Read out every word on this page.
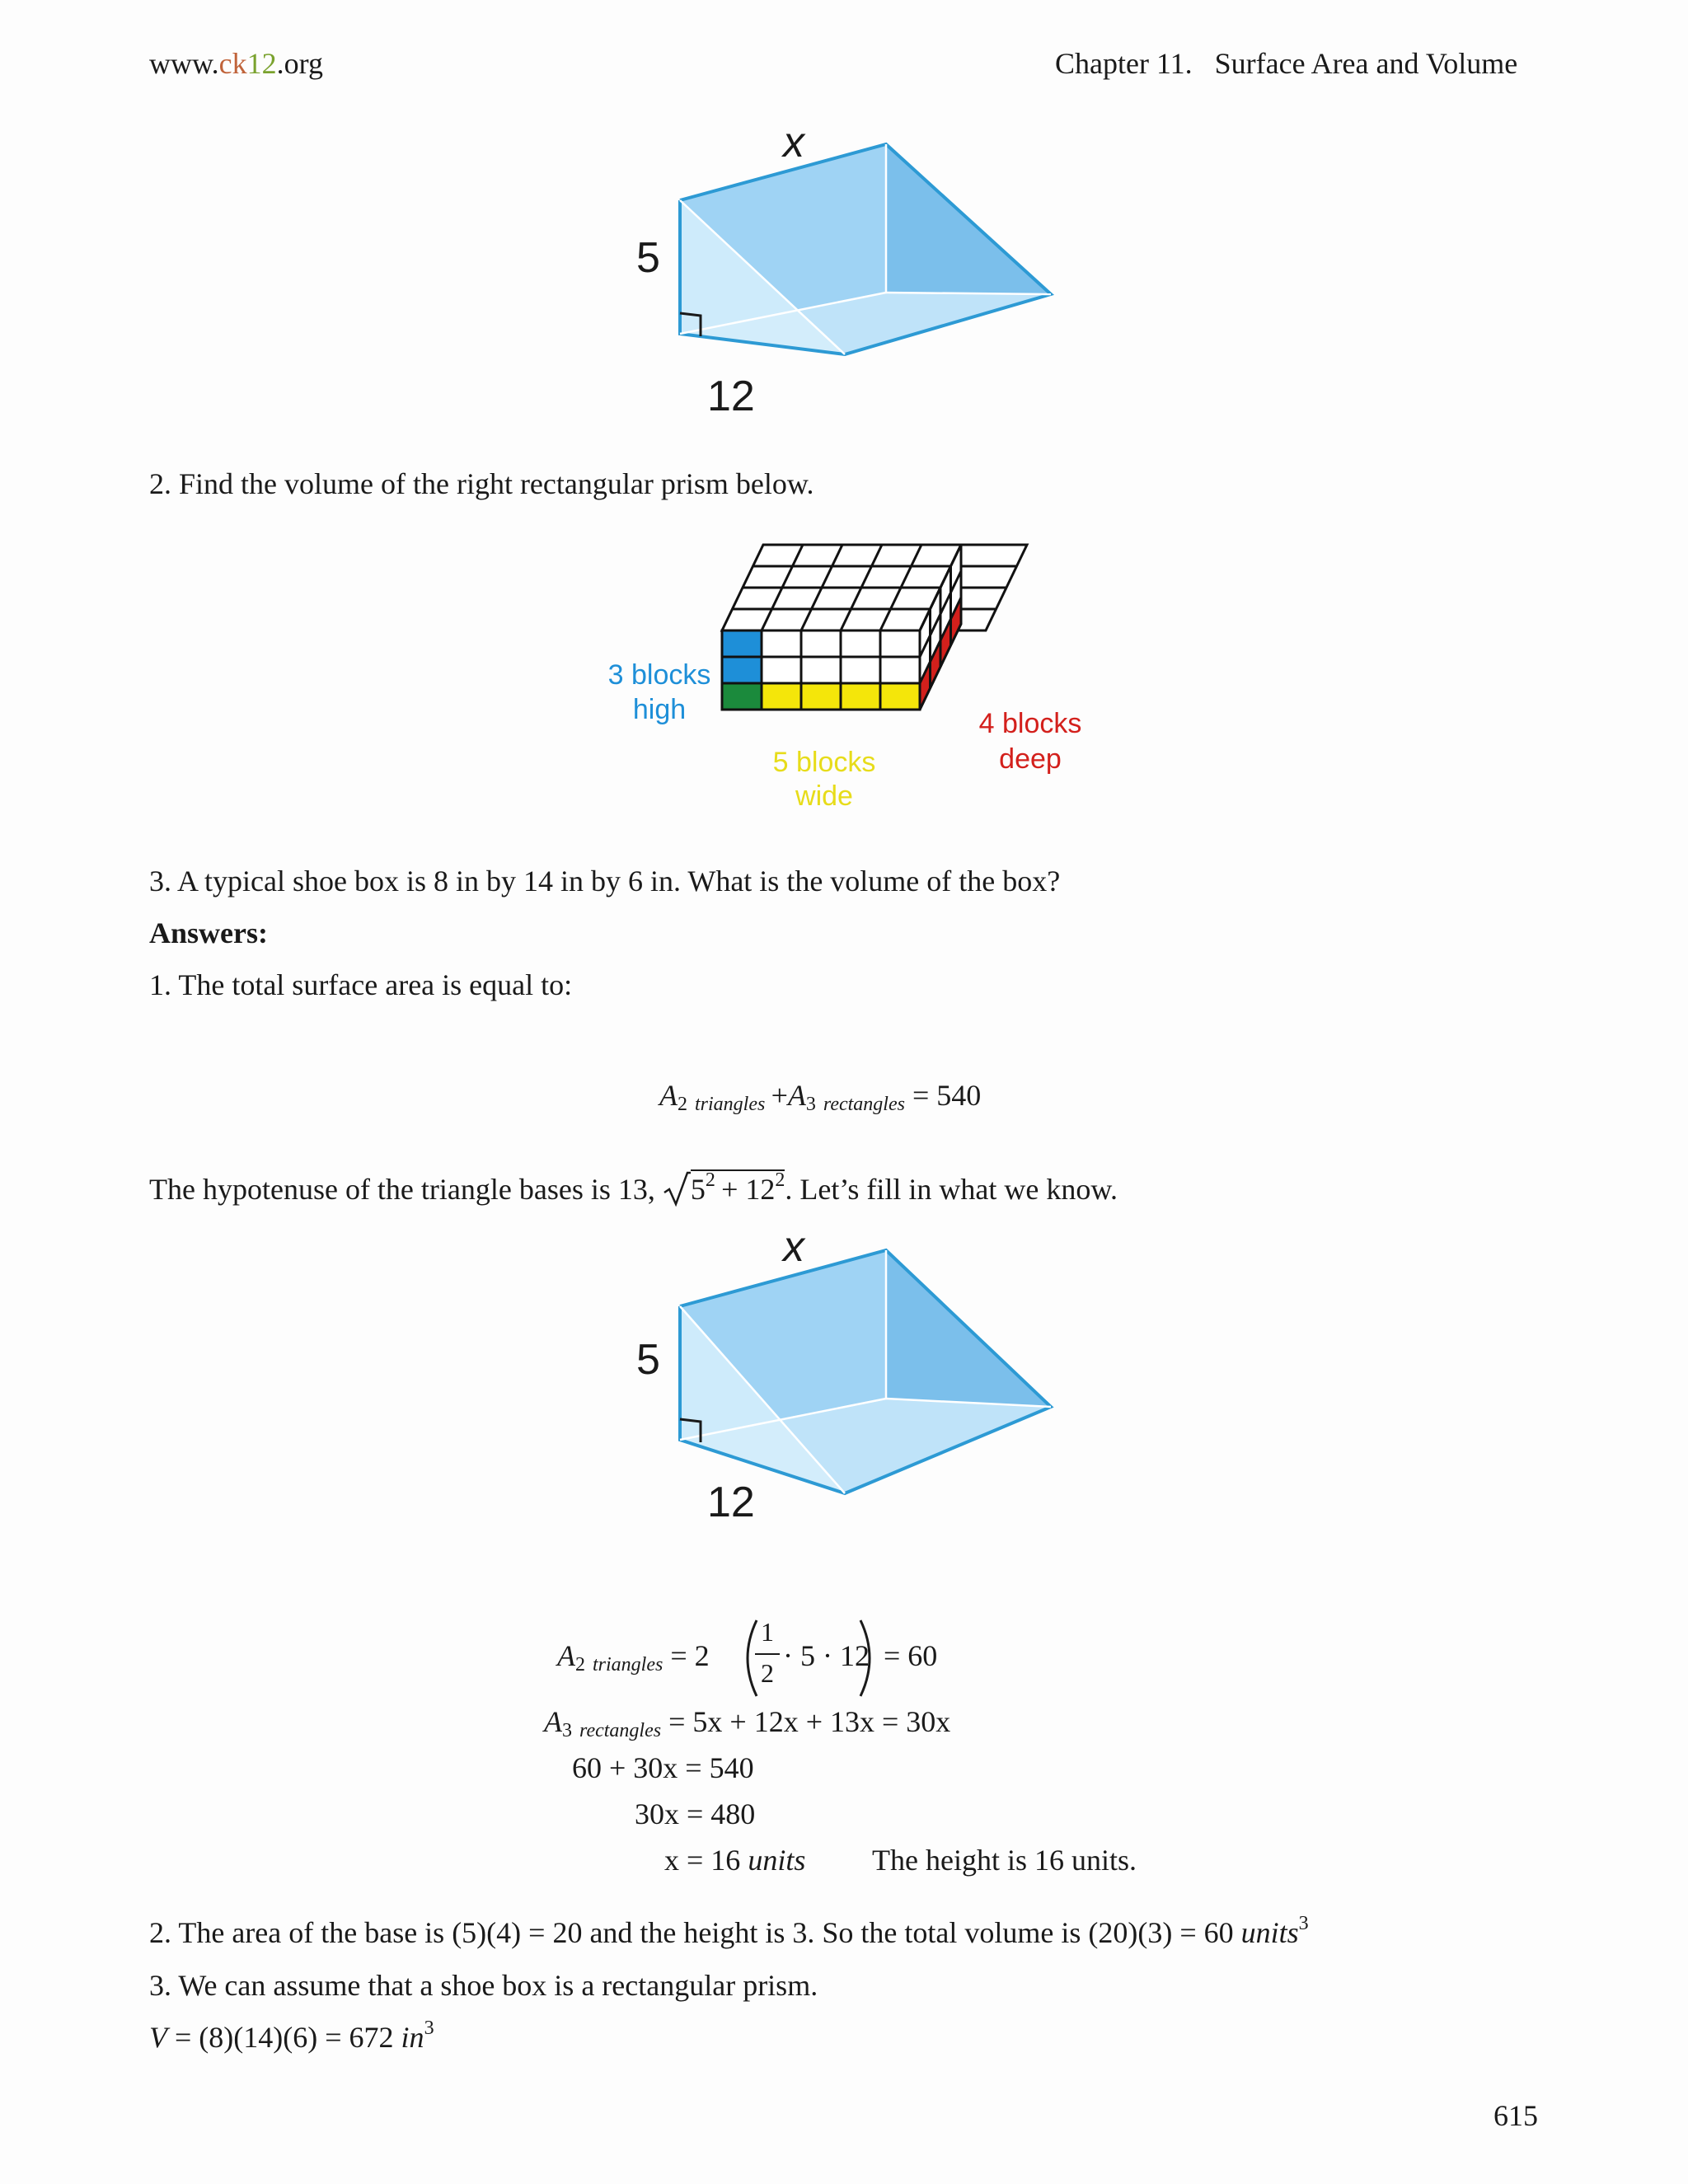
www.ck12.org	Chapter 11. Surface Area and Volume
x
5
12
2. Find the volume of the right rectangular prism below.
3 blocks
high
5 blocks
wide
4 blocks
deep
3. A typical shoe box is 8 in by 14 in by 6 in. What is the volume of the box?
Answers:
1. The total surface area is equal to:
A2 triangles  +A3 rectangles = 540
The hypotenuse of the triangle bases is 13, $5^2 + 12^2$. Let’s fill in what we know.
x
5
12
A2 triangles = 2
1
2
· 5 · 12 = 60
A3 rectangles = 5x + 12x + 13x = 30x
60 + 30x = 540
30x = 480
x = 16 units The height is 16 units.
2. The area of the base is (5)(4) = 20 and the height is 3. So the total volume is (20)(3) = 60 units$^3$
3. We can assume that a shoe box is a rectangular prism.
V = (8)(14)(6) = 672 $in^3$
615
